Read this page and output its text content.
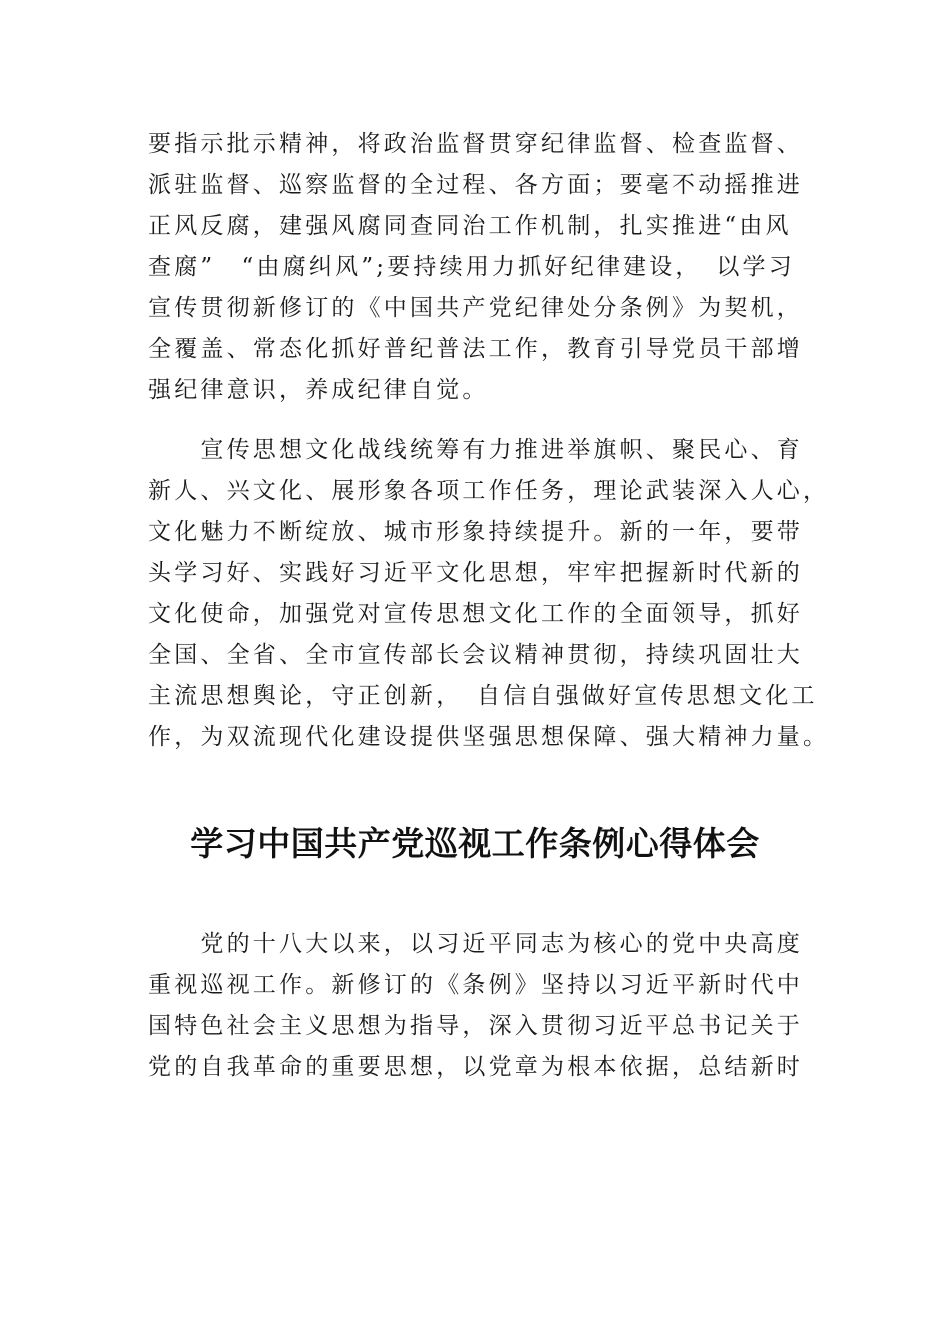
要指示批示精神，将政治监督贯穿纪律监督、检查监督、
派驻监督、巡察监督的全过程、各方面；要毫不动摇推进
正风反腐，建强风腐同查同治工作机制，扎实推进“由风
查腐”　“由腐纠风”;要持续用力抓好纪律建设，　以学习
宣传贯彻新修订的《中国共产党纪律处分条例》为契机，
全覆盖、常态化抓好普纪普法工作，教育引导党员干部增
强纪律意识，养成纪律自觉。
　　宣传思想文化战线统筹有力推进举旗帜、聚民心、育
新人、兴文化、展形象各项工作任务，理论武装深入人心，
文化魅力不断绽放、城市形象持续提升。新的一年，要带
头学习好、实践好习近平文化思想，牢牢把握新时代新的
文化使命，加强党对宣传思想文化工作的全面领导，抓好
全国、全省、全市宣传部长会议精神贯彻，持续巩固壮大
主流思想舆论，守正创新，　自信自强做好宣传思想文化工
作，为双流现代化建设提供坚强思想保障、强大精神力量。
学习中国共产党巡视工作条例心得体会
　　党的十八大以来，以习近平同志为核心的党中央高度
重视巡视工作。新修订的《条例》坚持以习近平新时代中
国特色社会主义思想为指导，深入贯彻习近平总书记关于
党的自我革命的重要思想，以党章为根本依据，总结新时
